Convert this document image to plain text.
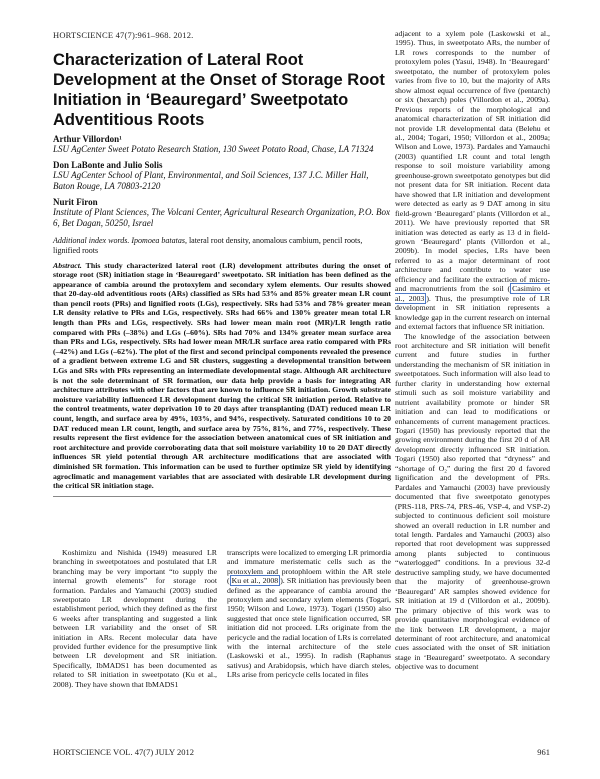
HORTSCIENCE 47(7):961–968. 2012.
Characterization of Lateral Root Development at the Onset of Storage Root Initiation in ‘Beauregard’ Sweetpotato Adventitious Roots
Arthur Villordon¹

LSU AgCenter Sweet Potato Research Station, 130 Sweet Potato Road, Chase, LA 71324

Don LaBonte and Julio Solis

LSU AgCenter School of Plant, Environmental, and Soil Sciences, 137 J.C. Miller Hall, Baton Rouge, LA 70803-2120

Nurit Firon

Institute of Plant Sciences, The Volcani Center, Agricultural Research Organization, P.O. Box 6, Bet Dagan, 50250, Israel

Additional index words. Ipomoea batatas, lateral root density, anomalous cambium, pencil roots, lignified roots
Abstract. This study characterized lateral root (LR) development attributes during the onset of storage root (SR) initiation stage in ‘Beauregard’ sweetpotato. SR initiation has been defined as the appearance of cambia around the protoxylem and secondary xylem elements. Our results showed that 20-day-old adventitious roots (ARs) classified as SRs had 53% and 85% greater mean LR count than pencil roots (PRs) and lignified roots (LGs), respectively. SRs had 53% and 78% greater mean LR density relative to PRs and LGs, respectively. SRs had 66% and 130% greater mean total LR length than PRs and LGs, respectively. SRs had lower mean main root (MR)/LR length ratio compared with PRs (–38%) and LGs (–60%). SRs had 70% and 134% greater mean surface area than PRs and LGs, respectively. SRs had lower mean MR/LR surface area ratio compared with PRs (–42%) and LGs (–62%). The plot of the first and second principal components revealed the presence of a gradient between extreme LG and SR clusters, suggesting a developmental transition between LGs and SRs with PRs representing an intermediate developmental stage. Although AR architecture is not the sole determinant of SR formation, our data help provide a basis for integrating AR architecture attributes with other factors that are known to influence SR initiation. Growth substrate moisture variability influenced LR development during the critical SR initiation period. Relative to the control treatments, water deprivation 10 to 20 days after transplanting (DAT) reduced mean LR count, length, and surface area by 49%, 103%, and 94%, respectively. Saturated conditions 10 to 20 DAT reduced mean LR count, length, and surface area by 75%, 81%, and 77%, respectively. These results represent the first evidence for the association between anatomical cues of SR initiation and root architecture and provide corroborating data that soil moisture variability 10 to 20 DAT directly influences SR yield potential through AR architecture modifications that are associated with diminished SR formation. This information can be used to further optimize SR yield by identifying agroclimatic and management variables that are associated with desirable LR development during the critical SR initiation stage.

Koshimizu and Nishida (1949) measured LR branching in sweetpotatoes and postulated that LR branching may be very important “to supply the internal growth elements” for storage root formation. Pardales and Yamauchi (2003) studied sweetpotato LR development during the establishment period, which they defined as the first 6 weeks after transplanting and suggested a link between LR variability and the onset of SR initiation in ARs. Recent molecular data have provided further evidence for the presumptive link between LR development and SR initiation. Specifically, IbMADS1 has been documented as related to SR initiation in sweetpotato (Ku et al., 2008). They have shown that IbMADS1

transcripts were localized to emerging LR primordia and immature meristematic cells such as the protoxylem and protophloem within the AR stele ( Ku et al., 2008 ). SR initiation has previously been defined as the appearance of cambia around the protoxylem and secondary xylem elements (Togari, 1950; Wilson and Lowe, 1973). Togari (1950) also suggested that once stele lignification occurred, SR initiation did not proceed. LRs originate from the pericycle and the radial location of LRs is correlated with the internal architecture of the stele (Laskowski et al., 1995). In radish (Raphanus sativus) and Arabidopsis, which have diarch steles, LRs arise from pericycle cells located in files

adjacent to a xylem pole (Laskowski et al., 1995). Thus, in sweetpotato ARs, the number of LR rows corresponds to the number of protoxylem poles (Yasui, 1948). In ‘Beauregard’ sweetpotato, the number of protoxylem poles varies from five to 10, but the majority of ARs show almost equal occurrence of five (pentarch) or six (hexarch) poles (Villordon et al., 2009a). Previous reports of the morphological and anatomical characterization of SR initiation did not provide LR developmental data (Belehu et al., 2004; Togari, 1950; Villordon et al., 2009a; Wilson and Lowe, 1973). Pardales and Yamauchi (2003) quantified LR count and total length response to soil moisture variability among greenhouse-grown sweetpotato genotypes but did not present data for SR initiation. Recent data have showed that LR initiation and development were detected as early as 9 DAT among in situ field-grown ‘Beauregard’ plants (Villordon et al., 2011). We have previously reported that SR initiation was detected as early as 13 d in field-grown ‘Beauregard’ plants (Villordon et al., 2009b). In model species, LRs have been referred to as a major determinant of root architecture and contribute to water use efficiency and facilitate the extraction of micro- and macronutrients from the soil ( Casimiro et al., 2003 ). Thus, the presumptive role of LR development in SR initiation represents a knowledge gap in the current research on internal and external factors that influence SR initiation.

The knowledge of the association between root architecture and SR initiation will benefit current and future studies in further understanding the mechanism of SR initiation in sweetpotatoes. Such information will also lead to further clarity in understanding how external stimuli such as soil moisture variability and nutrient availability promote or hinder SR initiation and can lead to modifications or enhancements of current management practices. Togari (1950) has previously reported that the growing environment during the first 20 d of AR development directly influenced SR initiation. Togari (1950) also reported that “dryness” and “shortage of O₂” during the first 20 d favored lignification and the development of PRs. Pardales and Yamauchi (2003) have previously documented that five sweetpotato genotypes (PRS-118, PRS-74, PRS-46, VSP-4, and VSP-2) subjected to continuous deficient soil moisture showed an overall reduction in LR number and total length. Pardales and Yamauchi (2003) also reported that root development was suppressed among plants subjected to continuous “waterlogged” conditions. In a previous 32-d destructive sampling study, we have documented that the majority of greenhouse-grown ‘Beauregard’ AR samples showed evidence for SR initiation at 19 d (Villordon et al., 2009b). The primary objective of this work was to provide quantitative morphological evidence of the link between LR development, a major determinant of root architecture, and anatomical cues associated with the onset of SR initiation stage in ‘Beauregard’ sweetpotato. A secondary objective was to document

HORTSCIENCE VOL. 47(7) JULY 2012	961
